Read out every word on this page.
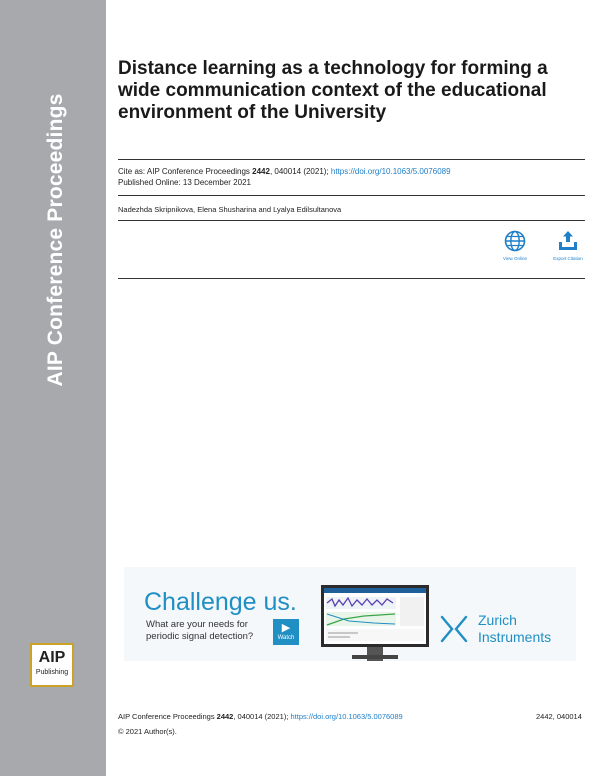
AIP Conference Proceedings
AIP
Publishing
Distance learning as a technology for forming a wide communication context of the educational environment of the University
Cite as: AIP Conference Proceedings 2442, 040014 (2021); https://doi.org/10.1063/5.0076089
Published Online: 13 December 2021
Nadezhda Skripnikova, Elena Shusharina and Lyalya Edilsultanova
View Online	Export Citation
Challenge us.
What are your needs for
periodic signal detection?
▶
Watch
Zurich
Instruments
AIP Conference Proceedings 2442, 040014 (2021); https://doi.org/10.1063/5.0076089	2442, 040014
© 2021 Author(s).
